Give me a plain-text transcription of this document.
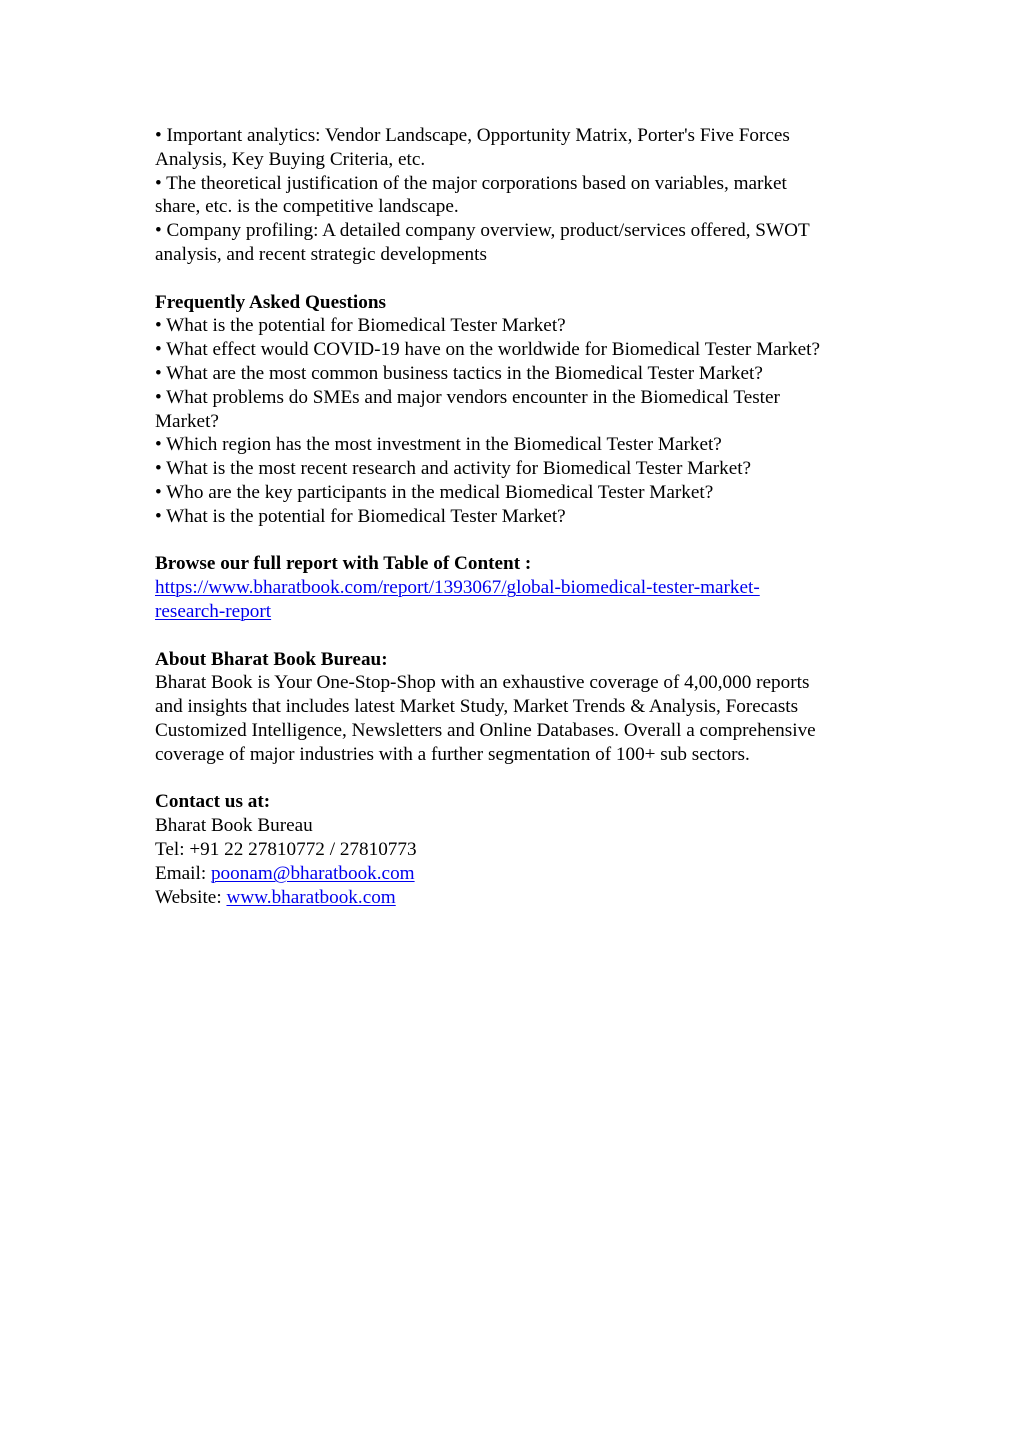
• Important analytics: Vendor Landscape, Opportunity Matrix, Porter's Five Forces
Analysis, Key Buying Criteria, etc.
• The theoretical justification of the major corporations based on variables, market
share, etc. is the competitive landscape.
• Company profiling: A detailed company overview, product/services offered, SWOT
analysis, and recent strategic developments
Frequently Asked Questions
• What is the potential for Biomedical Tester Market?
• What effect would COVID-19 have on the worldwide for Biomedical Tester Market?
• What are the most common business tactics in the Biomedical Tester Market?
• What problems do SMEs and major vendors encounter in the Biomedical Tester
Market?
• Which region has the most investment in the Biomedical Tester Market?
• What is the most recent research and activity for Biomedical Tester Market?
• Who are the key participants in the medical Biomedical Tester Market?
• What is the potential for Biomedical Tester Market?
Browse our full report with Table of Content :
https://www.bharatbook.com/report/1393067/global-biomedical-tester-market-
research-report
About Bharat Book Bureau:
Bharat Book is Your One-Stop-Shop with an exhaustive coverage of 4,00,000 reports
and insights that includes latest Market Study, Market Trends & Analysis, Forecasts
Customized Intelligence, Newsletters and Online Databases. Overall a comprehensive
coverage of major industries with a further segmentation of 100+ sub sectors.
Contact us at:
Bharat Book Bureau
Tel: +91 22 27810772 / 27810773
Email: poonam@bharatbook.com
Website: www.bharatbook.com
